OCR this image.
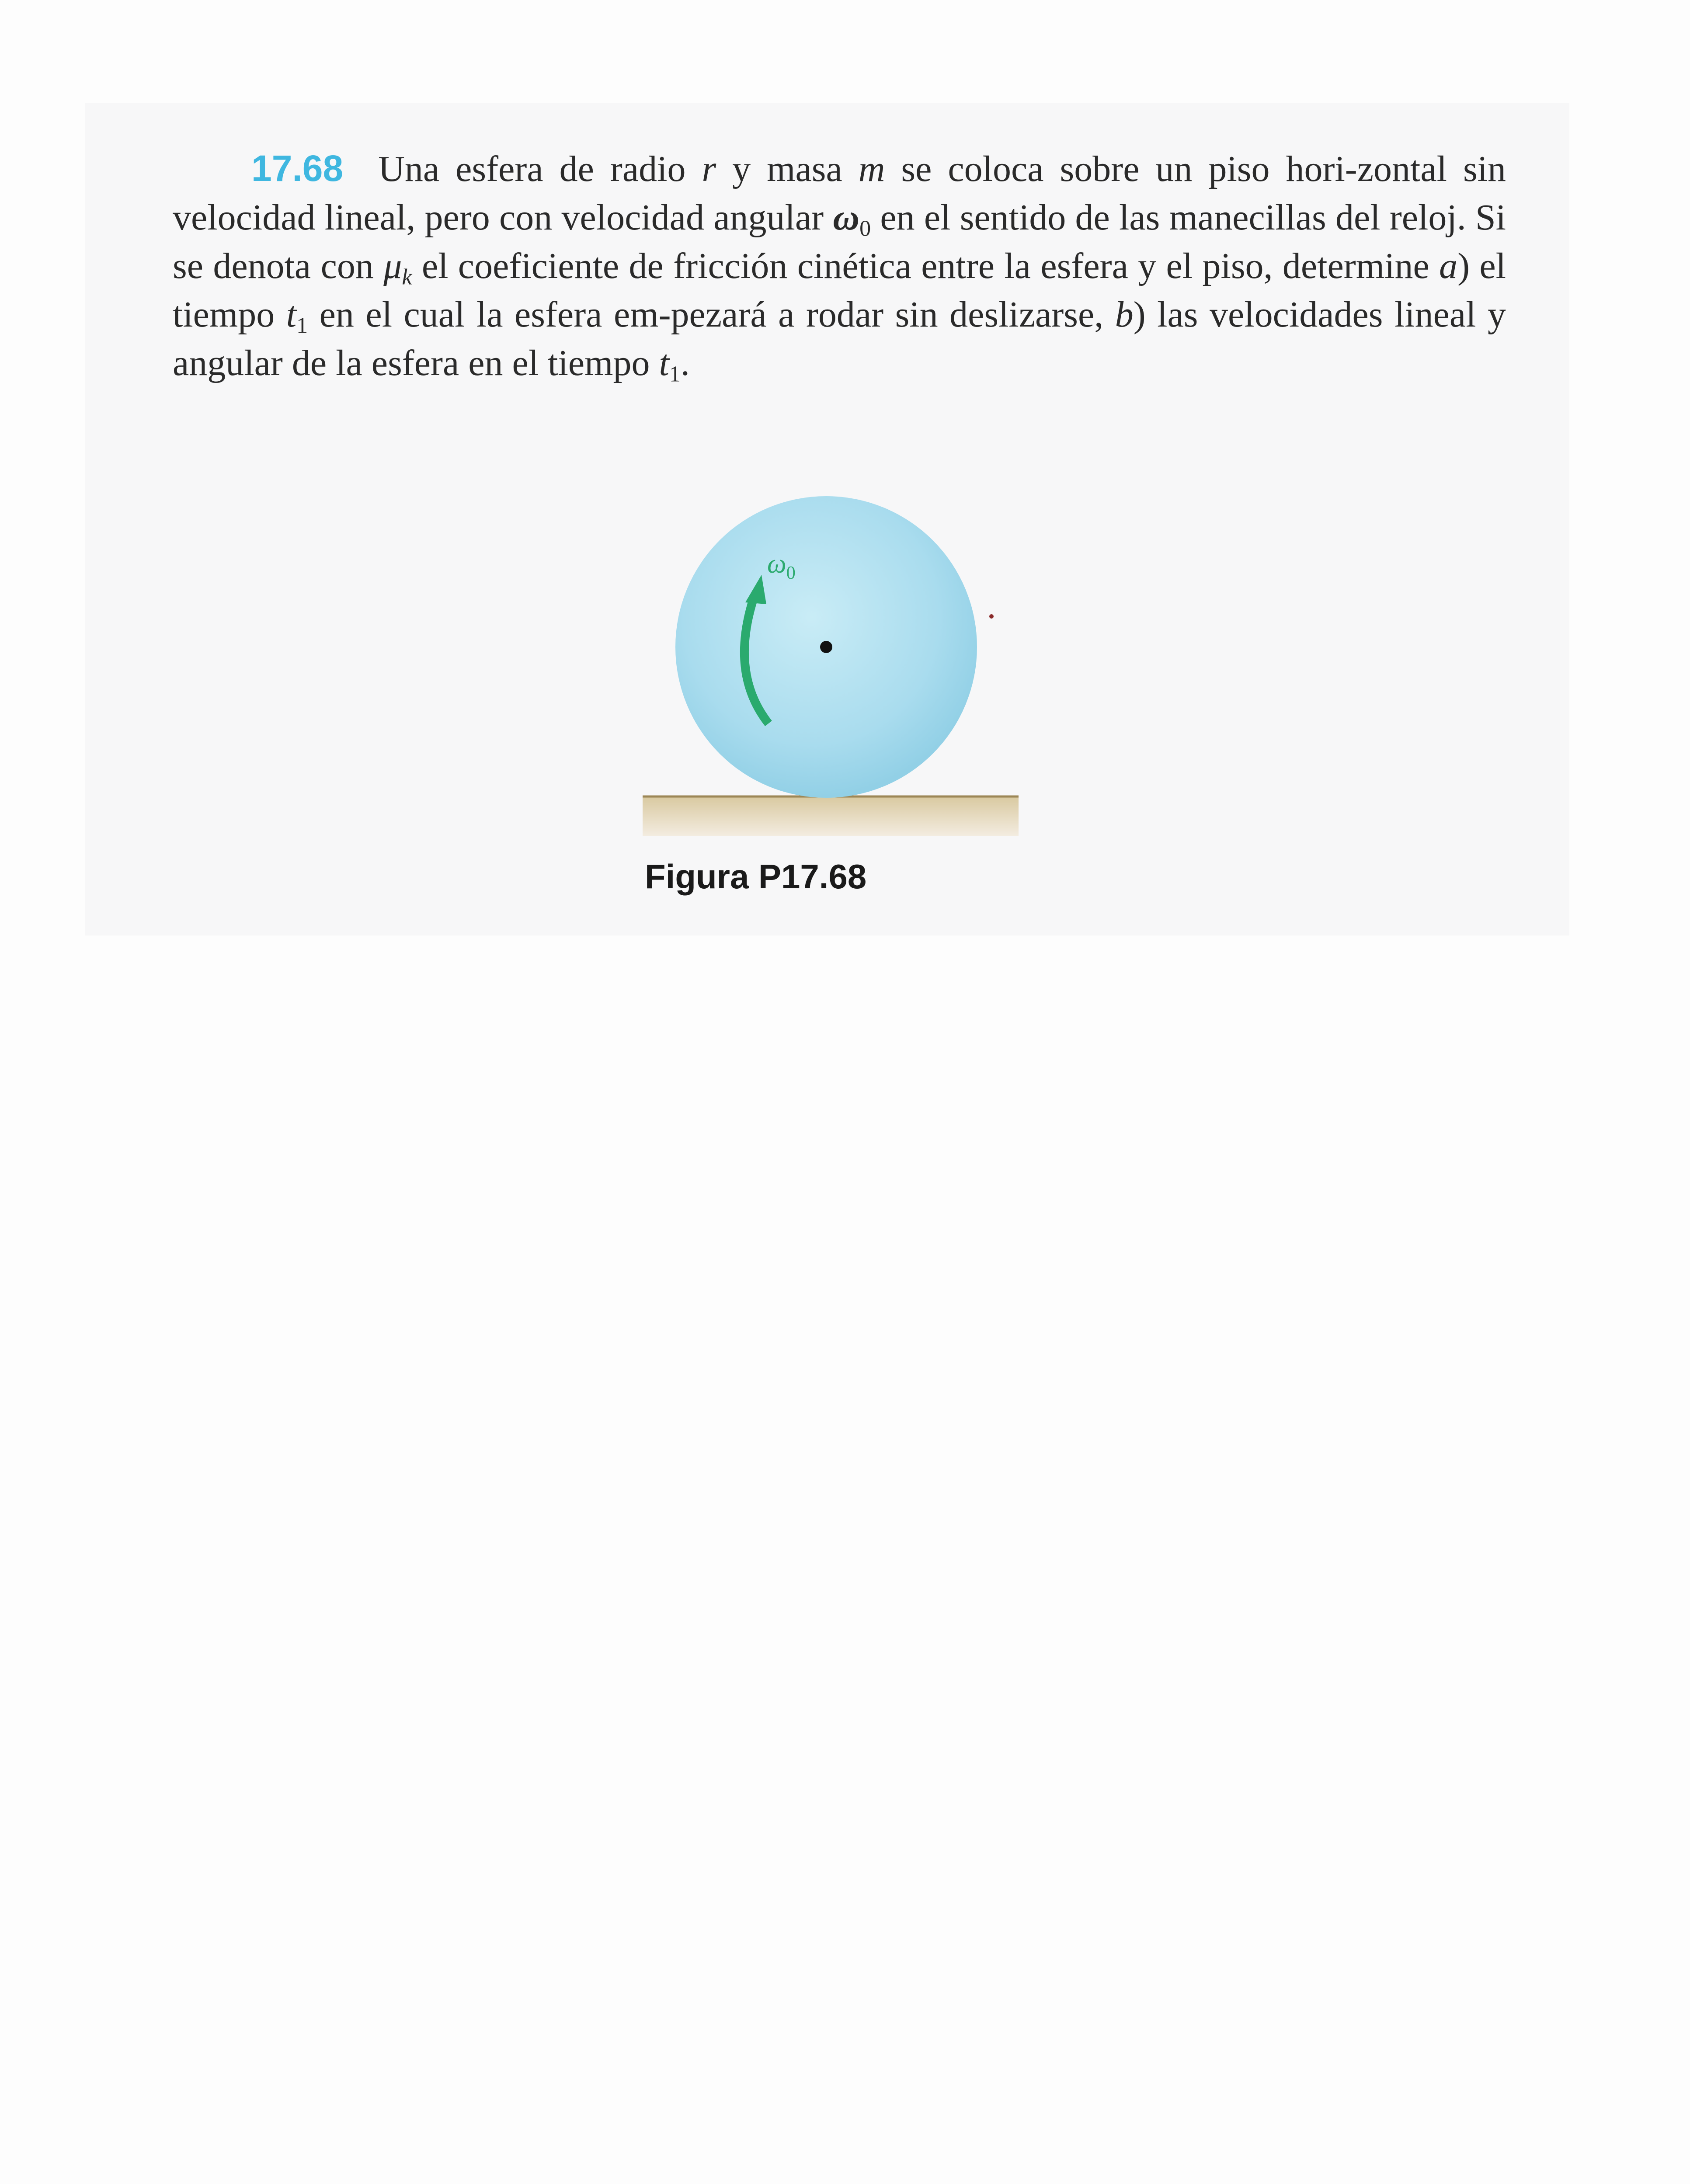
17.68 Una esfera de radio r y masa m se coloca sobre un piso hori-zontal sin velocidad lineal, pero con velocidad angular $\omega_0$ en el sentido de las manecillas del reloj. Si se denota con $\mu_k$ el coeficiente de fricción cinética entre la esfera y el piso, determine a) el tiempo $t_1$ en el cual la esfera em-pezará a rodar sin deslizarse, b) las velocidades lineal y angular de la esfera en el tiempo $t_1$.
$\omega_0$
Figura P17.68
